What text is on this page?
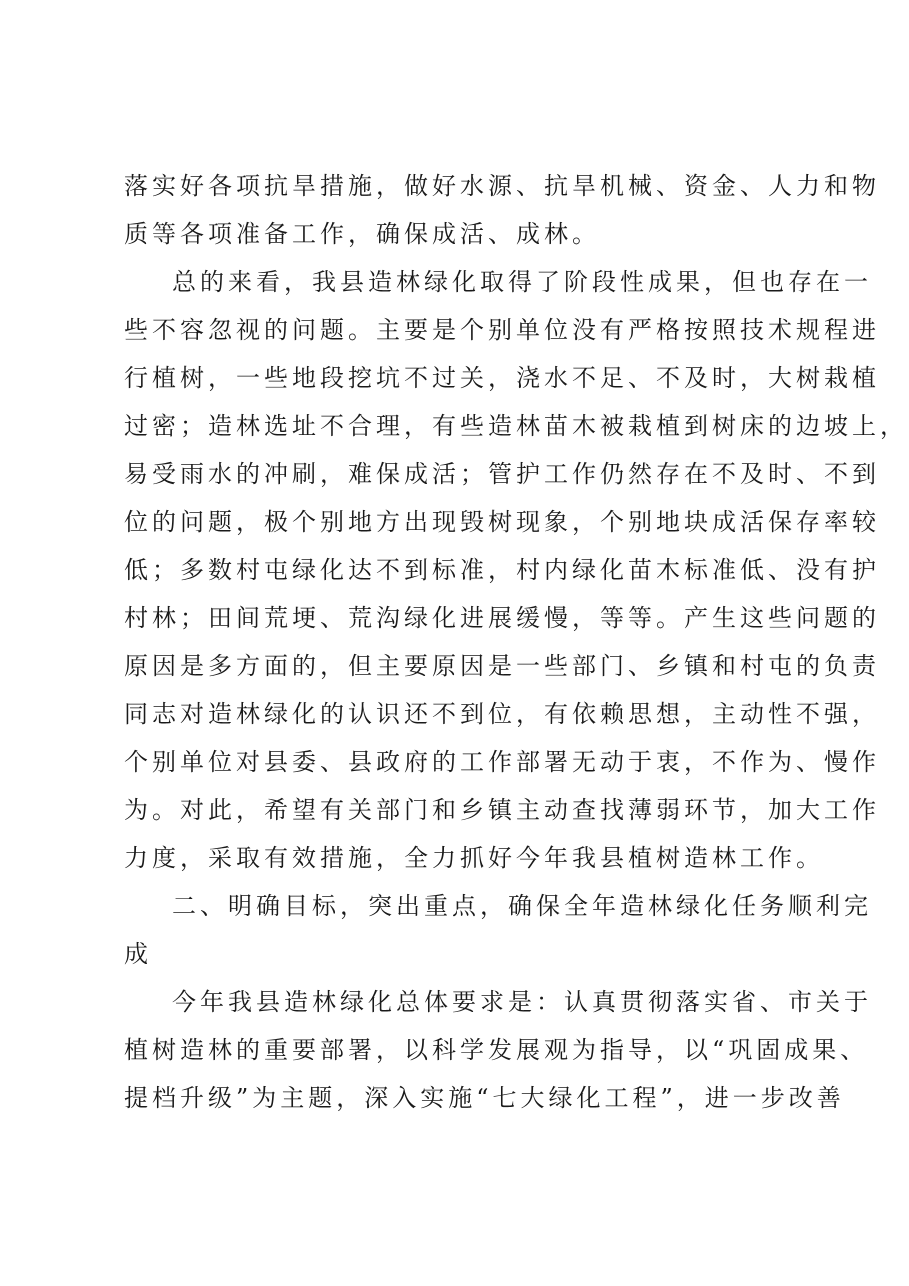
落实好各项抗旱措施，做好水源、抗旱机械、资金、人力和物
质等各项准备工作，确保成活、成林。
总的来看，我县造林绿化取得了阶段性成果，但也存在一
些不容忽视的问题。主要是个别单位没有严格按照技术规程进
行植树，一些地段挖坑不过关，浇水不足、不及时，大树栽植
过密；造林选址不合理，有些造林苗木被栽植到树床的边坡上，
易受雨水的冲刷，难保成活；管护工作仍然存在不及时、不到
位的问题，极个别地方出现毁树现象，个别地块成活保存率较
低；多数村屯绿化达不到标准，村内绿化苗木标准低、没有护
村林；田间荒埂、荒沟绿化进展缓慢，等等。产生这些问题的
原因是多方面的，但主要原因是一些部门、乡镇和村屯的负责
同志对造林绿化的认识还不到位，有依赖思想，主动性不强，
个别单位对县委、县政府的工作部署无动于衷，不作为、慢作
为。对此，希望有关部门和乡镇主动查找薄弱环节，加大工作
力度，采取有效措施，全力抓好今年我县植树造林工作。
二、明确目标，突出重点，确保全年造林绿化任务顺利完
成
今年我县造林绿化总体要求是：认真贯彻落实省、市关于
植树造林的重要部署，以科学发展观为指导，以“巩固成果、
提档升级”为主题，深入实施“七大绿化工程”，进一步改善
